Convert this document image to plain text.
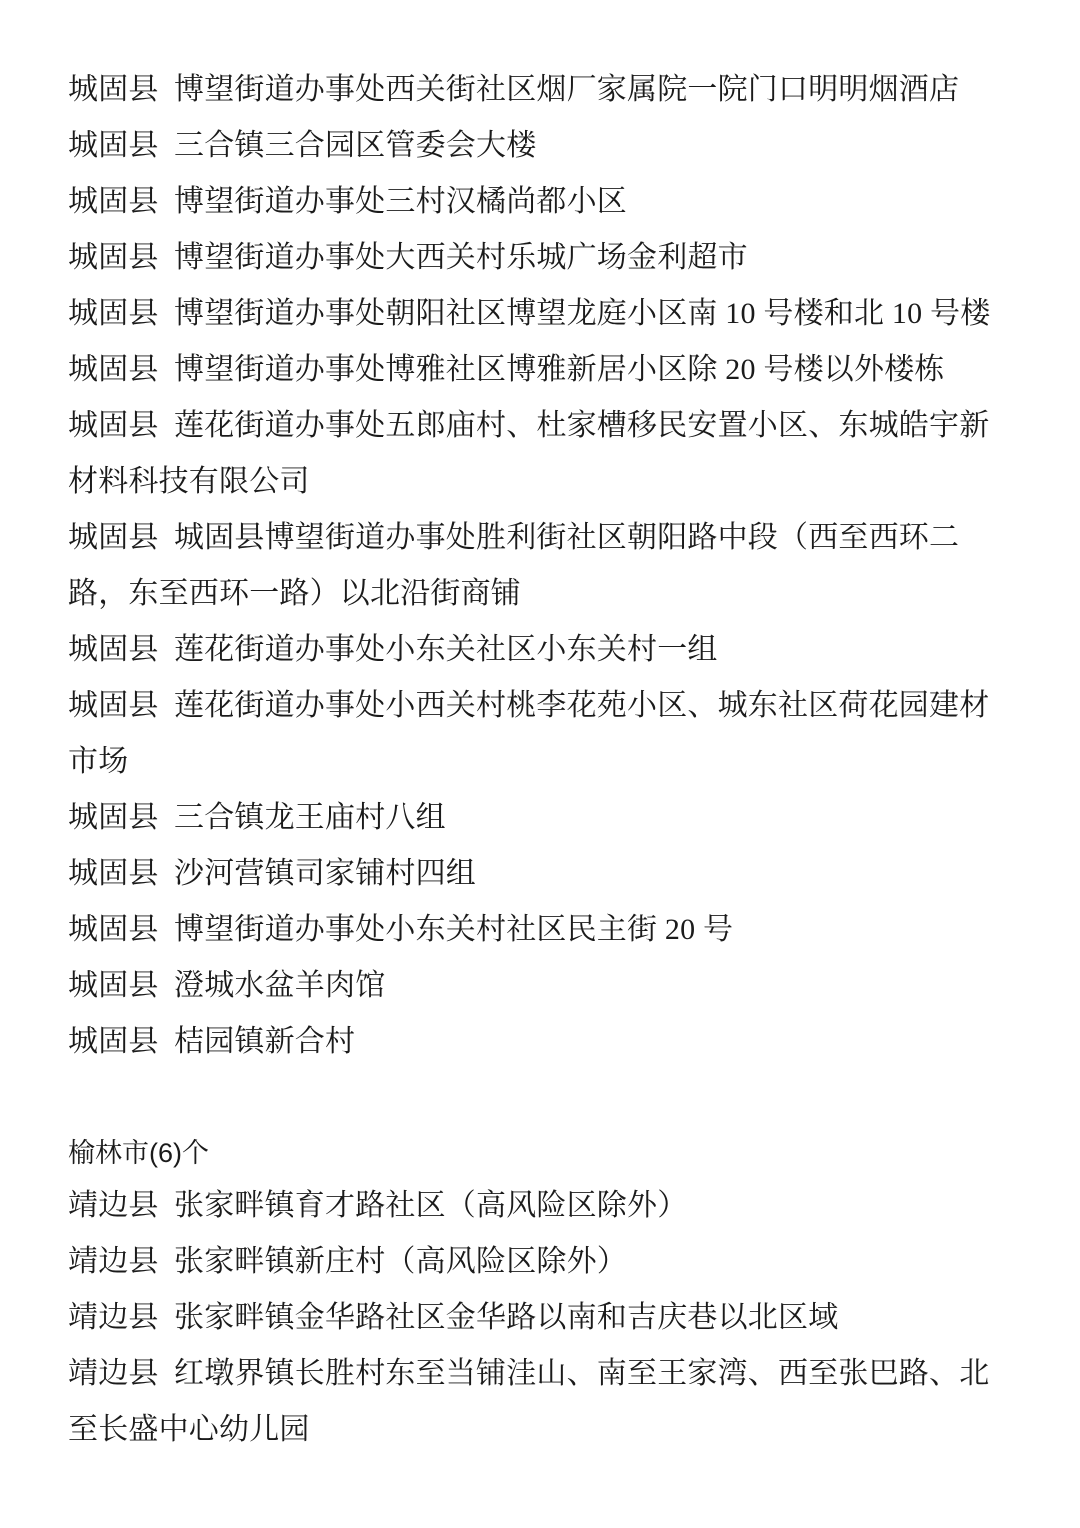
城固县  博望街道办事处西关街社区烟厂家属院一院门口明明烟酒店
城固县  三合镇三合园区管委会大楼
城固县  博望街道办事处三村汉橘尚都小区
城固县  博望街道办事处大西关村乐城广场金利超市
城固县  博望街道办事处朝阳社区博望龙庭小区南 10 号楼和北 10 号楼
城固县  博望街道办事处博雅社区博雅新居小区除 20 号楼以外楼栋
城固县  莲花街道办事处五郎庙村、杜家槽移民安置小区、东城皓宇新材料科技有限公司
城固县  城固县博望街道办事处胜利街社区朝阳路中段（西至西环二路，东至西环一路）以北沿街商铺
城固县  莲花街道办事处小东关社区小东关村一组
城固县  莲花街道办事处小西关村桃李花苑小区、城东社区荷花园建材市场
城固县  三合镇龙王庙村八组
城固县  沙河营镇司家铺村四组
城固县  博望街道办事处小东关村社区民主街 20 号
城固县  澄城水盆羊肉馆
城固县  桔园镇新合村
榆林市(6)个
靖边县  张家畔镇育才路社区（高风险区除外）
靖边县  张家畔镇新庄村（高风险区除外）
靖边县  张家畔镇金华路社区金华路以南和吉庆巷以北区域
靖边县  红墩界镇长胜村东至当铺洼山、南至王家湾、西至张巴路、北至长盛中心幼儿园
